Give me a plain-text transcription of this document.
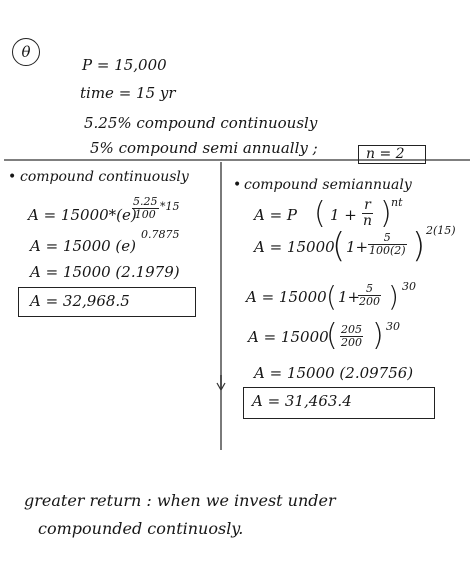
θ
P = 15,000
time = 15 yr
5.25% compound continuously
5% compound semi annually ;	n = 2
• compound continuously
A = 15000*(e)
$\frac{5.25}{100} *15$
A = 15000 (e)
0.7875
A = 15000 (2.1979)
A = 32,968.5
• compound semiannualy
A = P ( $1 + \frac{r}{n}$ ) nt
A = 15000
( $1+ \frac{5}{100(2)}$ ) 2(15)
A = 15000 ( 1+
$\frac{5}{200}$ ) 30
A = 15000
( $\frac{205}{200}$ ) 30
A = 15000 (2.09756)
A = 31,463.4
greater return : when we invest under
compounded continuosly.
